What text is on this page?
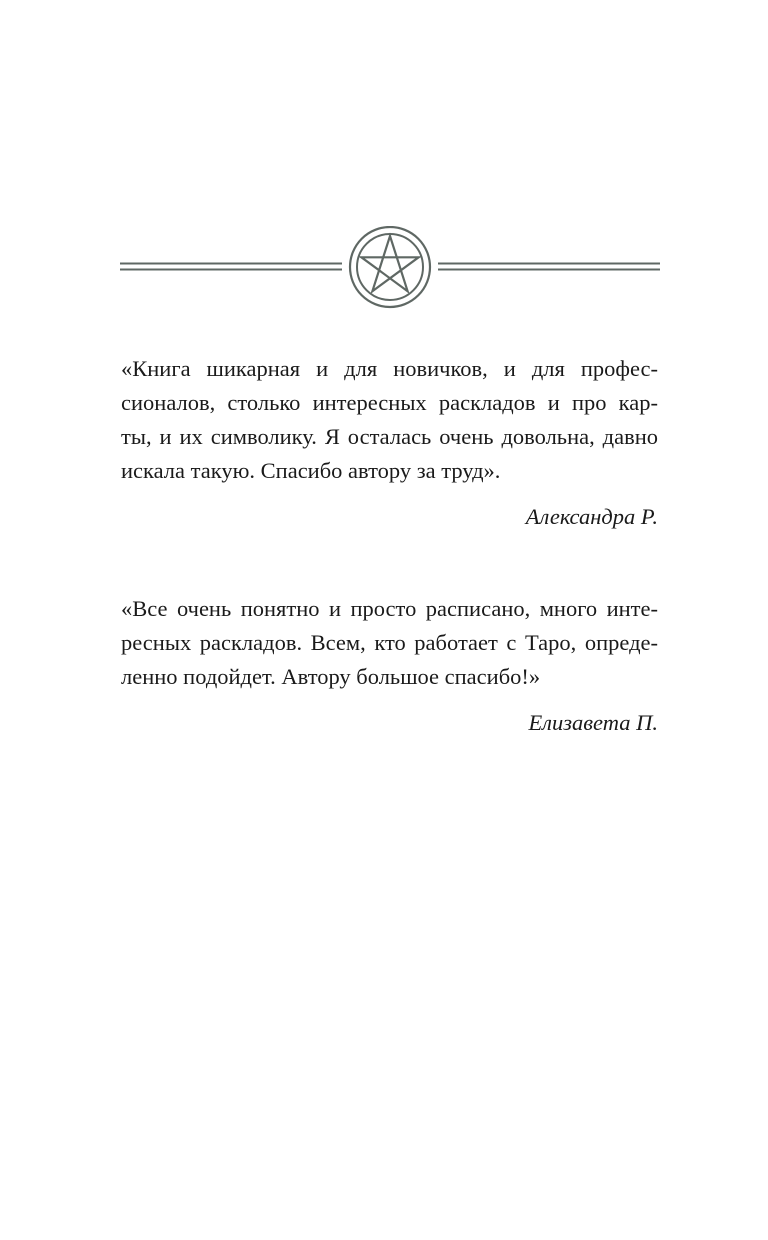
«Книга шикарная и для новичков, и для профес-
сионалов, столько интересных раскладов и про кар-
ты, и их символику. Я осталась очень довольна, давно
искала такую. Спасибо автору за труд».

Александра Р.

«Все очень понятно и просто расписано, много инте-
ресных раскладов. Всем, кто работает с Таро, опреде-
ленно подойдет. Автору большое спасибо!»

Елизавета П.
